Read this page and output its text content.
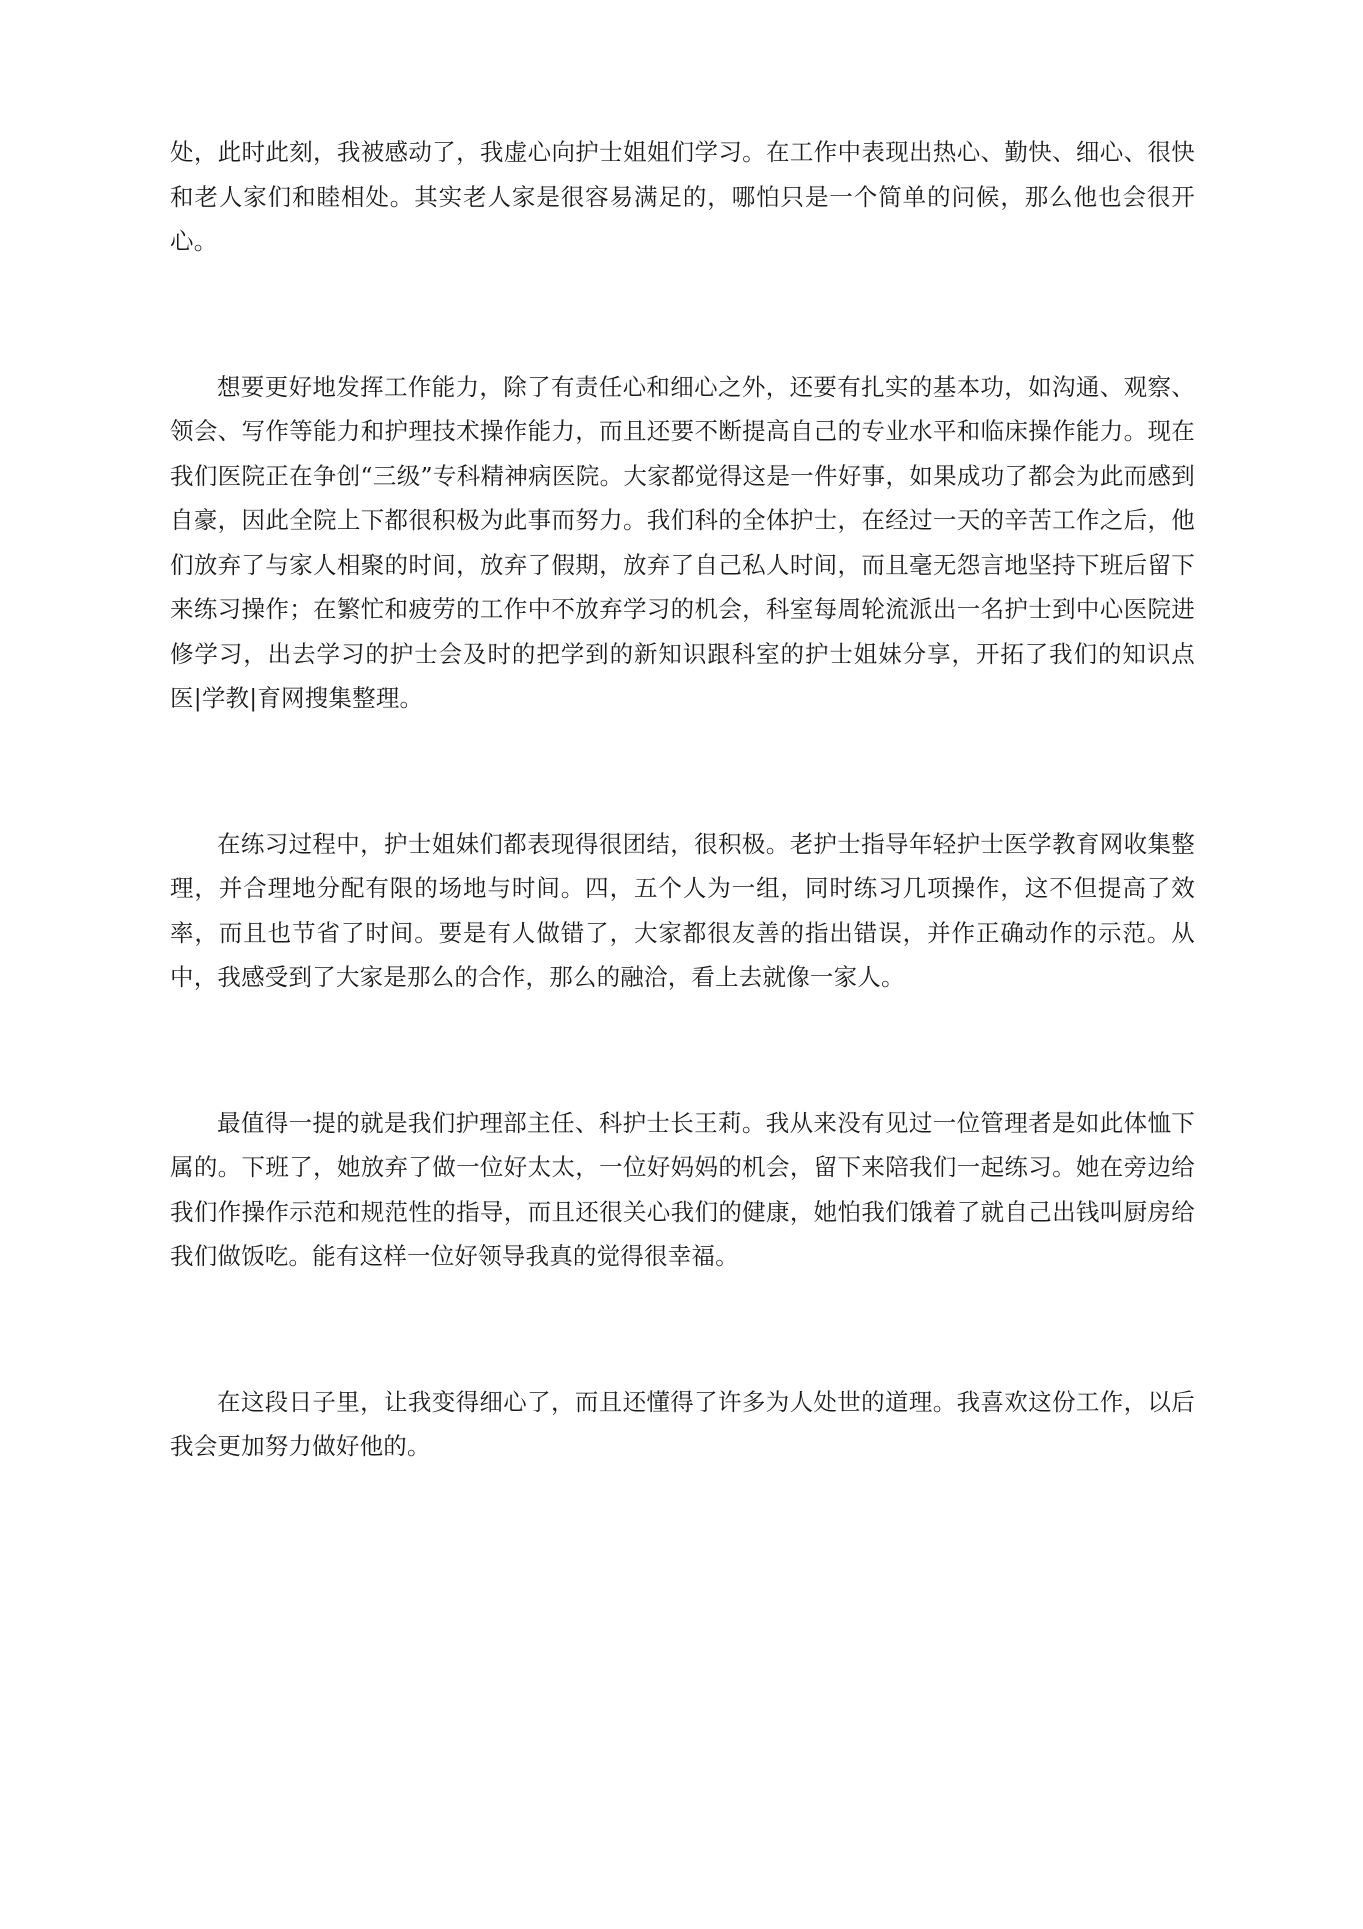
处，此时此刻，我被感动了，我虚心向护士姐姐们学习。在工作中表现出热心、勤快、细心、很快和老人家们和睦相处。其实老人家是很容易满足的，哪怕只是一个简单的问候，那么他也会很开心。

想要更好地发挥工作能力，除了有责任心和细心之外，还要有扎实的基本功，如沟通、观察、领会、写作等能力和护理技术操作能力，而且还要不断提高自己的专业水平和临床操作能力。现在我们医院正在争创“三级”专科精神病医院。大家都觉得这是一件好事，如果成功了都会为此而感到自豪，因此全院上下都很积极为此事而努力。我们科的全体护士，在经过一天的辛苦工作之后，他们放弃了与家人相聚的时间，放弃了假期，放弃了自己私人时间，而且毫无怨言地坚持下班后留下来练习操作；在繁忙和疲劳的工作中不放弃学习的机会，科室每周轮流派出一名护士到中心医院进修学习，出去学习的护士会及时的把学到的新知识跟科室的护士姐妹分享，开拓了我们的知识点医|学教|育网搜集整理。

在练习过程中，护士姐妹们都表现得很团结，很积极。老护士指导年轻护士医学教育网收集整理，并合理地分配有限的场地与时间。四，五个人为一组，同时练习几项操作，这不但提高了效率，而且也节省了时间。要是有人做错了，大家都很友善的指出错误，并作正确动作的示范。从中，我感受到了大家是那么的合作，那么的融洽，看上去就像一家人。

最值得一提的就是我们护理部主任、科护士长王莉。我从来没有见过一位管理者是如此体恤下属的。下班了，她放弃了做一位好太太，一位好妈妈的机会，留下来陪我们一起练习。她在旁边给我们作操作示范和规范性的指导，而且还很关心我们的健康，她怕我们饿着了就自己出钱叫厨房给我们做饭吃。能有这样一位好领导我真的觉得很幸福。

在这段日子里，让我变得细心了，而且还懂得了许多为人处世的道理。我喜欢这份工作，以后我会更加努力做好他的。
